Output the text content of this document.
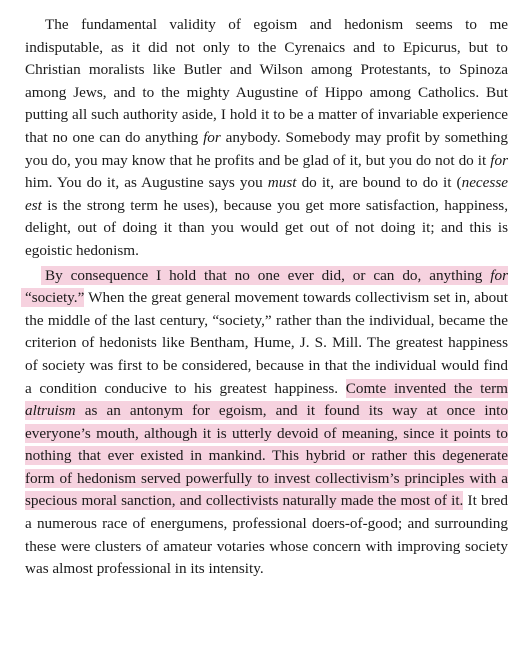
The fundamental validity of egoism and hedonism seems to me indisputable, as it did not only to the Cyrenaics and to Epicurus, but to Christian moralists like Butler and Wilson among Protestants, to Spinoza among Jews, and to the mighty Augustine of Hippo among Catholics. But putting all such authority aside, I hold it to be a matter of invariable experience that no one can do anything for anybody. Somebody may profit by something you do, you may know that he profits and be glad of it, but you do not do it for him. You do it, as Augustine says you must do it, are bound to do it (necesse est is the strong term he uses), because you get more satisfaction, happiness, delight, out of doing it than you would get out of not doing it; and this is egoistic hedonism.

By consequence I hold that no one ever did, or can do, anything for “society.” When the great general movement towards collectivism set in, about the middle of the last century, “society,” rather than the individual, became the criterion of hedonists like Bentham, Hume, J. S. Mill. The greatest happiness of society was first to be considered, because in that the individual would find a condition conducive to his greatest happiness. Comte invented the term altruism as an antonym for egoism, and it found its way at once into everyone’s mouth, although it is utterly devoid of meaning, since it points to nothing that ever existed in mankind. This hybrid or rather this degenerate form of hedonism served powerfully to invest collectivism’s principles with a specious moral sanction, and collectivists naturally made the most of it. It bred a numerous race of energumens, professional doers-of-good; and surrounding these were clusters of amateur votaries whose concern with improving society was almost professional in its intensity.
